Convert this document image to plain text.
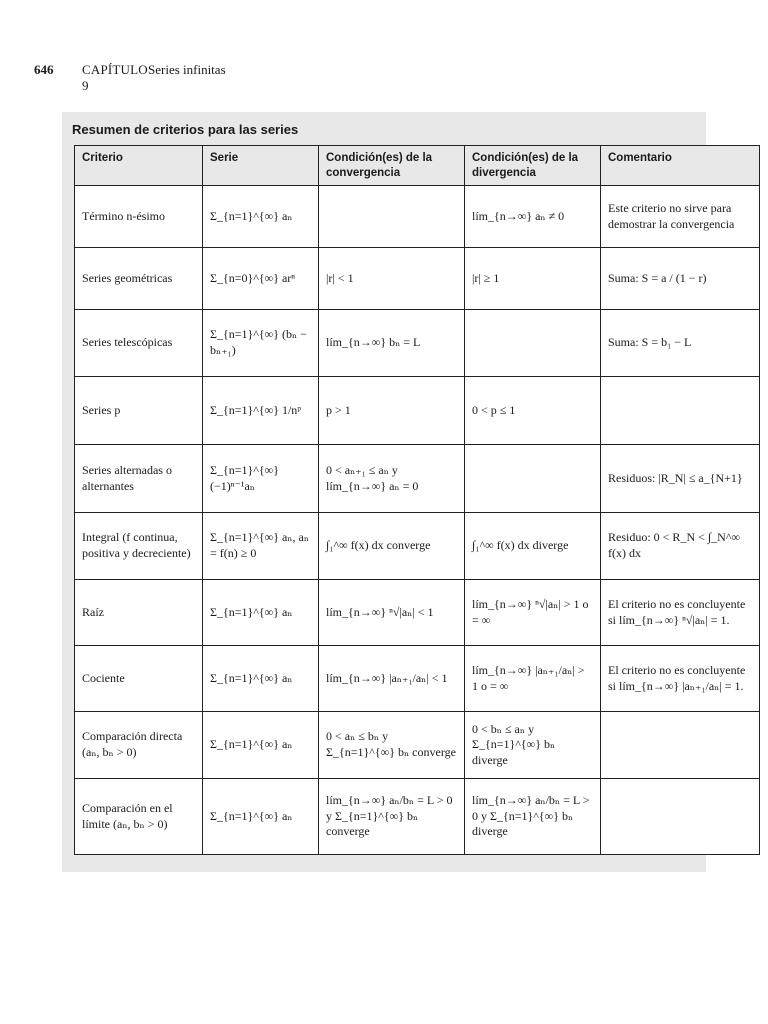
646	CAPÍTULO 9
Series infinitas
Resumen de criterios para las series
Criterio	Serie	Condición(es) de la convergencia	Condición(es) de la divergencia	Comentario
Término n-ésimo	Σ_{n=1}^{∞} aₙ		lím_{n→∞} aₙ ≠ 0	Este criterio no sirve para demostrar la convergencia
Series geométricas	Σ_{n=0}^{∞} arⁿ	|r| < 1	|r| ≥ 1	Suma: S = a / (1 − r)
Series telescópicas	Σ_{n=1}^{∞} (bₙ − bₙ₊₁)	lím_{n→∞} bₙ = L		Suma: S = b₁ − L
Series p	Σ_{n=1}^{∞} 1/nᵖ	p > 1	0 < p ≤ 1	
Series alternadas o alternantes	Σ_{n=1}^{∞} (−1)ⁿ⁻¹aₙ	0 < aₙ₊₁ ≤ aₙ y lím_{n→∞} aₙ = 0		Residuos: |R_N| ≤ a_{N+1}
Integral (f continua, positiva y decreciente)	Σ_{n=1}^{∞} aₙ, aₙ = f(n) ≥ 0	∫₁^∞ f(x) dx converge	∫₁^∞ f(x) dx diverge	Residuo: 0 < R_N < ∫_N^∞ f(x) dx
Raíz	Σ_{n=1}^{∞} aₙ	lím_{n→∞} ⁿ√|aₙ| < 1	lím_{n→∞} ⁿ√|aₙ| > 1 o = ∞	El criterio no es concluyente si lím_{n→∞} ⁿ√|aₙ| = 1.
Cociente	Σ_{n=1}^{∞} aₙ	lím_{n→∞} |aₙ₊₁/aₙ| < 1	lím_{n→∞} |aₙ₊₁/aₙ| > 1 o = ∞	El criterio no es concluyente si lím_{n→∞} |aₙ₊₁/aₙ| = 1.
Comparación directa (aₙ, bₙ > 0)	Σ_{n=1}^{∞} aₙ	0 < aₙ ≤ bₙ y Σ_{n=1}^{∞} bₙ converge	0 < bₙ ≤ aₙ y Σ_{n=1}^{∞} bₙ diverge	
Comparación en el límite (aₙ, bₙ > 0)	Σ_{n=1}^{∞} aₙ	lím_{n→∞} aₙ/bₙ = L > 0 y Σ_{n=1}^{∞} bₙ converge	lím_{n→∞} aₙ/bₙ = L > 0 y Σ_{n=1}^{∞} bₙ diverge	
